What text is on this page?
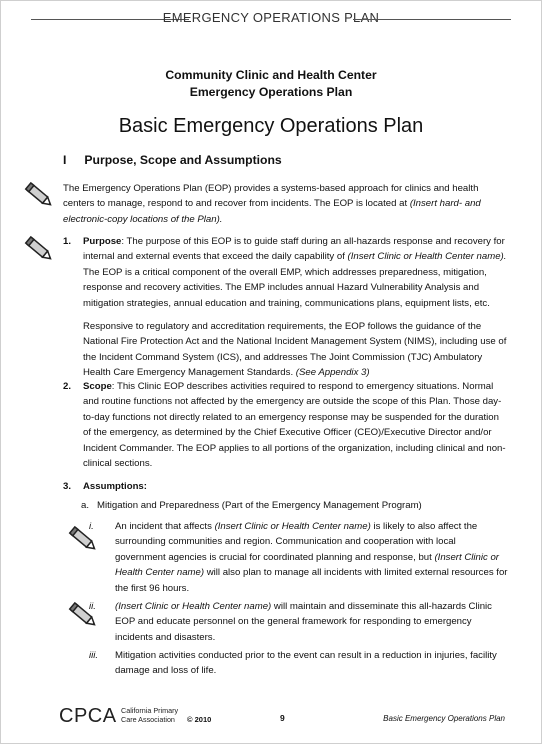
EMERGENCY OPERATIONS PLAN
Community Clinic and Health Center
Emergency Operations Plan
Basic Emergency Operations Plan
I Purpose, Scope and Assumptions
The Emergency Operations Plan (EOP) provides a systems-based approach for clinics and health centers to manage, respond to and recover from incidents. The EOP is located at (Insert hard- and electronic-copy locations of the Plan).
1. Purpose: The purpose of this EOP is to guide staff during an all-hazards response and recovery for internal and external events that exceed the daily capability of (Insert Clinic or Health Center name). The EOP is a critical component of the overall EMP, which addresses preparedness, mitigation, response and recovery activities. The EMP includes annual Hazard Vulnerability Analysis and mitigation strategies, annual education and training, communications plans, equipment lists, etc.
Responsive to regulatory and accreditation requirements, the EOP follows the guidance of the National Fire Protection Act and the National Incident Management System (NIMS), including use of the Incident Command System (ICS), and addresses The Joint Commission (TJC) Ambulatory Health Care Emergency Management Standards. (See Appendix 3)
2. Scope: This Clinic EOP describes activities required to respond to emergency situations. Normal and routine functions not affected by the emergency are outside the scope of this Plan. Those day-to-day functions not directly related to an emergency response may be suspended for the duration of the emergency, as determined by the Chief Executive Officer (CEO)/Executive Director and/or Incident Commander. The EOP applies to all portions of the organization, including clinical and non-clinical sections.
3. Assumptions:
a. Mitigation and Preparedness (Part of the Emergency Management Program)
i.	An incident that affects (Insert Clinic or Health Center name) is likely to also affect the surrounding communities and region. Communication and cooperation with local government agencies is crucial for coordinated planning and response, but (Insert Clinic or Health Center name) will also plan to manage all incidents with limited external resources for the first 96 hours.
ii.	(Insert Clinic or Health Center name) will maintain and disseminate this all-hazards Clinic EOP and educate personnel on the general framework for responding to emergency incidents and disasters.
iii.	Mitigation activities conducted prior to the event can result in a reduction in injuries, facility damage and loss of life.
CPCA California Primary
Care Association	© 2010	9	Basic Emergency Operations Plan
